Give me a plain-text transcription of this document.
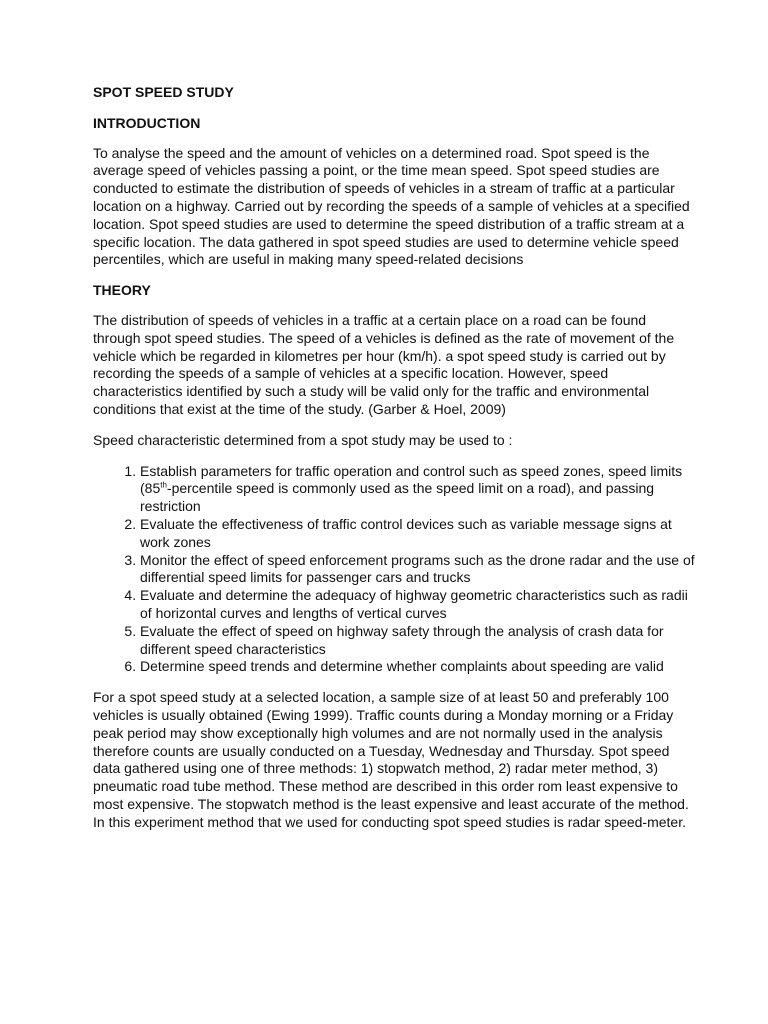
SPOT SPEED STUDY
INTRODUCTION

To analyse the speed and the amount of vehicles on a determined road. Spot speed is the average speed of vehicles passing a point, or the time mean speed. Spot speed studies are conducted to estimate the distribution of speeds of vehicles in a stream of traffic at a particular location on a highway. Carried out by recording the speeds of a sample of vehicles at a specified location. Spot speed studies are used to determine the speed distribution of a traffic stream at a specific location. The data gathered in spot speed studies are used to determine vehicle speed percentiles, which are useful in making many speed-related decisions

THEORY

The distribution of speeds of vehicles in a traffic at a certain place on a road can be found through spot speed studies. The speed of a vehicles is defined as the rate of movement of the vehicle which be regarded in kilometres per hour (km/h). a spot speed study is carried out by recording the speeds of a sample of vehicles at a specific location. However, speed characteristics identified by such a study will be valid only for the traffic and environmental conditions that exist at the time of the study. (Garber & Hoel, 2009)

Speed characteristic determined from a spot study may be used to :

1. Establish parameters for traffic operation and control such as speed zones, speed limits (85th-percentile speed is commonly used as the speed limit on a road), and passing restriction
2. Evaluate the effectiveness of traffic control devices such as variable message signs at work zones
3. Monitor the effect of speed enforcement programs such as the drone radar and the use of differential speed limits for passenger cars and trucks
4. Evaluate and determine the adequacy of highway geometric characteristics such as radii of horizontal curves and lengths of vertical curves
5. Evaluate the effect of speed on highway safety through the analysis of crash data for different speed characteristics
6. Determine speed trends and determine whether complaints about speeding are valid

For a spot speed study at a selected location, a sample size of at least 50 and preferably 100 vehicles is usually obtained (Ewing 1999). Traffic counts during a Monday morning or a Friday peak period may show exceptionally high volumes and are not normally used in the analysis therefore counts are usually conducted on a Tuesday, Wednesday and Thursday. Spot speed data gathered using one of three methods: 1) stopwatch method, 2) radar meter method, 3) pneumatic road tube method. These method are described in this order rom least expensive to most expensive. The stopwatch method is the least expensive and least accurate of the method. In this experiment method that we used for conducting spot speed studies is radar speed-meter.
